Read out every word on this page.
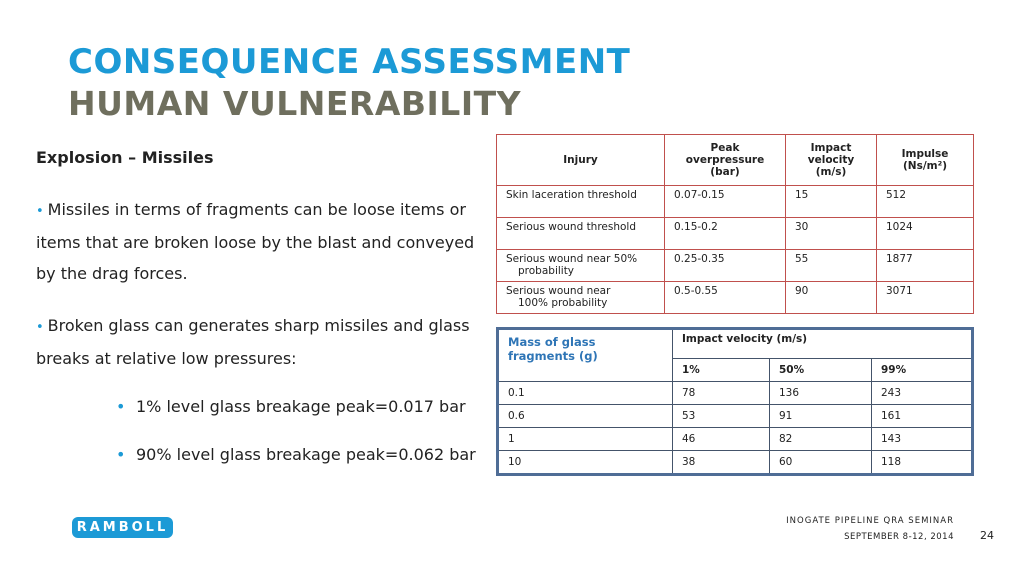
CONSEQUENCE ASSESSMENT
HUMAN VULNERABILITY
Explosion – Missiles
• Missiles in terms of fragments can be loose items or items that are broken loose by the blast and conveyed by the drag forces.
• Broken glass can generates sharp missiles and glass breaks at relative low pressures:
• 1% level glass breakage peak=0.017 bar
• 90% level glass breakage peak=0.062 bar
Injury	Peak overpressure (bar)	Impact velocity (m/s)	Impulse (Ns/m²)
Skin laceration threshold	0.07-0.15	15	512
Serious wound threshold	0.15-0.2	30	1024
Serious wound near 50%
probability	0.25-0.35	55	1877
Serious wound near
100% probability	0.5-0.55	90	3071
Mass of glass fragments (g)	Impact velocity (m/s)		
	1%	50%	99%
0.1	78	136	243
0.6	53	91	161
1	46	82	143
10	38	60	118
RAMBOLL	INOGATE PIPELINE QRA SEMINAR
SEPTEMBER 8-12, 2014 24
